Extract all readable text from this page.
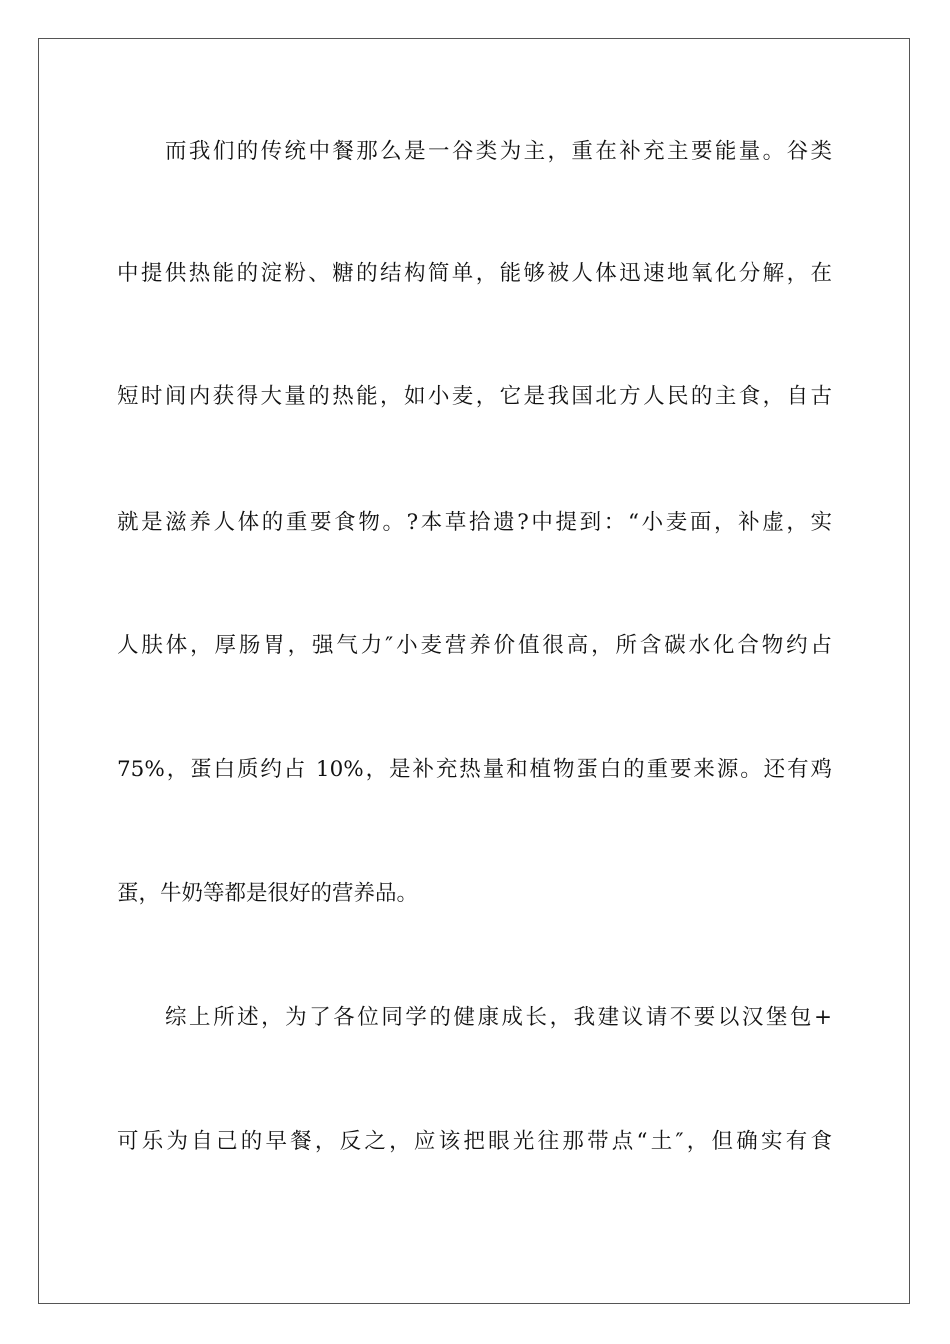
而我们的传统中餐那么是一谷类为主，重在补充主要能量。谷类
中提供热能的淀粉、糖的结构简单，能够被人体迅速地氧化分解，在
短时间内获得大量的热能，如小麦，它是我国北方人民的主食，自古
就是滋养人体的重要食物。?本草拾遗?中提到：“小麦面，补虚，实
人肤体，厚肠胃，强气力″小麦营养价值很高，所含碳水化合物约占
75%，蛋白质约占 10%，是补充热量和植物蛋白的重要来源。还有鸡
蛋，牛奶等都是很好的营养品。
综上所述，为了各位同学的健康成长，我建议请不要以汉堡包+
可乐为自己的早餐，反之，应该把眼光往那带点“土″，但确实有食
